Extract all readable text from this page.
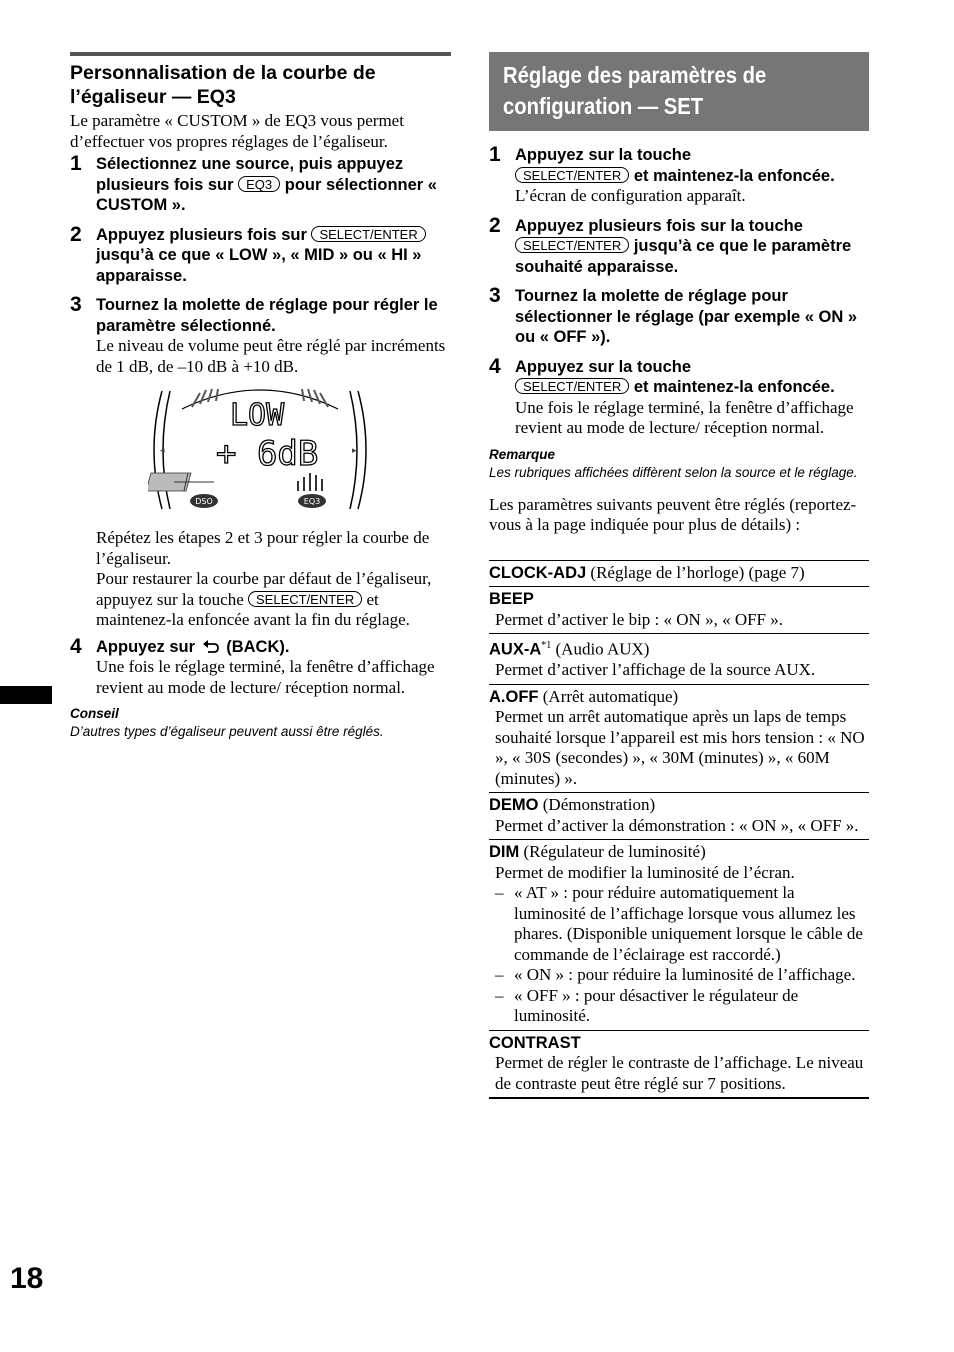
Personnalisation de la courbe de l’égaliseur — EQ3
Le paramètre « CUSTOM » de EQ3 vous permet d’effectuer vos propres réglages de l’égaliseur.
1 Sélectionnez une source, puis appuyez plusieurs fois sur EQ3 pour sélectionner « CUSTOM ».
2 Appuyez plusieurs fois sur SELECT/ENTER jusqu’à ce que « LOW », « MID » ou « HI » apparaisse.
3 Tournez la molette de réglage pour régler le paramètre sélectionné.
Le niveau de volume peut être réglé par incréments de 1 dB, de –10 dB à +10 dB.
LOW
+ 6dB
◂	▸
DSO	EQ3
Répétez les étapes 2 et 3 pour régler la courbe de l’égaliseur.
Pour restaurer la courbe par défaut de l’égaliseur, appuyez sur la touche SELECT/ENTER et maintenez-la enfoncée avant la fin du réglage.
4 Appuyez sur (BACK).
Une fois le réglage terminé, la fenêtre d’affichage revient au mode de lecture/ réception normal.
Conseil
D’autres types d’égaliseur peuvent aussi être réglés.
Réglage des paramètres de
configuration — SET
1 Appuyez sur la touche
SELECT/ENTER et maintenez-la enfoncée.
L’écran de configuration apparaît.
2 Appuyez plusieurs fois sur la touche SELECT/ENTER jusqu’à ce que le paramètre souhaité apparaisse.
3 Tournez la molette de réglage pour sélectionner le réglage (par exemple « ON » ou « OFF »).
4 Appuyez sur la touche
SELECT/ENTER et maintenez-la enfoncée.
Une fois le réglage terminé, la fenêtre d’affichage revient au mode de lecture/ réception normal.
Remarque
Les rubriques affichées diffèrent selon la source et le réglage.
Les paramètres suivants peuvent être réglés (reportez-vous à la page indiquée pour plus de détails) :
CLOCK-ADJ (Réglage de l’horloge) (page 7)
BEEP
Permet d’activer le bip : « ON », « OFF ».
AUX-$A^{*1}$ (Audio AUX)
Permet d’activer l’affichage de la source AUX.
A.OFF (Arrêt automatique)
Permet un arrêt automatique après un laps de temps souhaité lorsque l’appareil est mis hors tension : « NO », « 30S (secondes) », « 30M (minutes) », « 60M (minutes) ».
DEMO (Démonstration)
Permet d’activer la démonstration : « ON », « OFF ».
DIM (Régulateur de luminosité)
Permet de modifier la luminosité de l’écran.
– « AT » : pour réduire automatiquement la luminosité de l’affichage lorsque vous allumez les phares. (Disponible uniquement lorsque le câble de commande de l’éclairage est raccordé.)
– « ON » : pour réduire la luminosité de l’affichage.
– « OFF » : pour désactiver le régulateur de luminosité.
CONTRAST
Permet de régler le contraste de l’affichage. Le niveau de contraste peut être réglé sur 7 positions.
18
